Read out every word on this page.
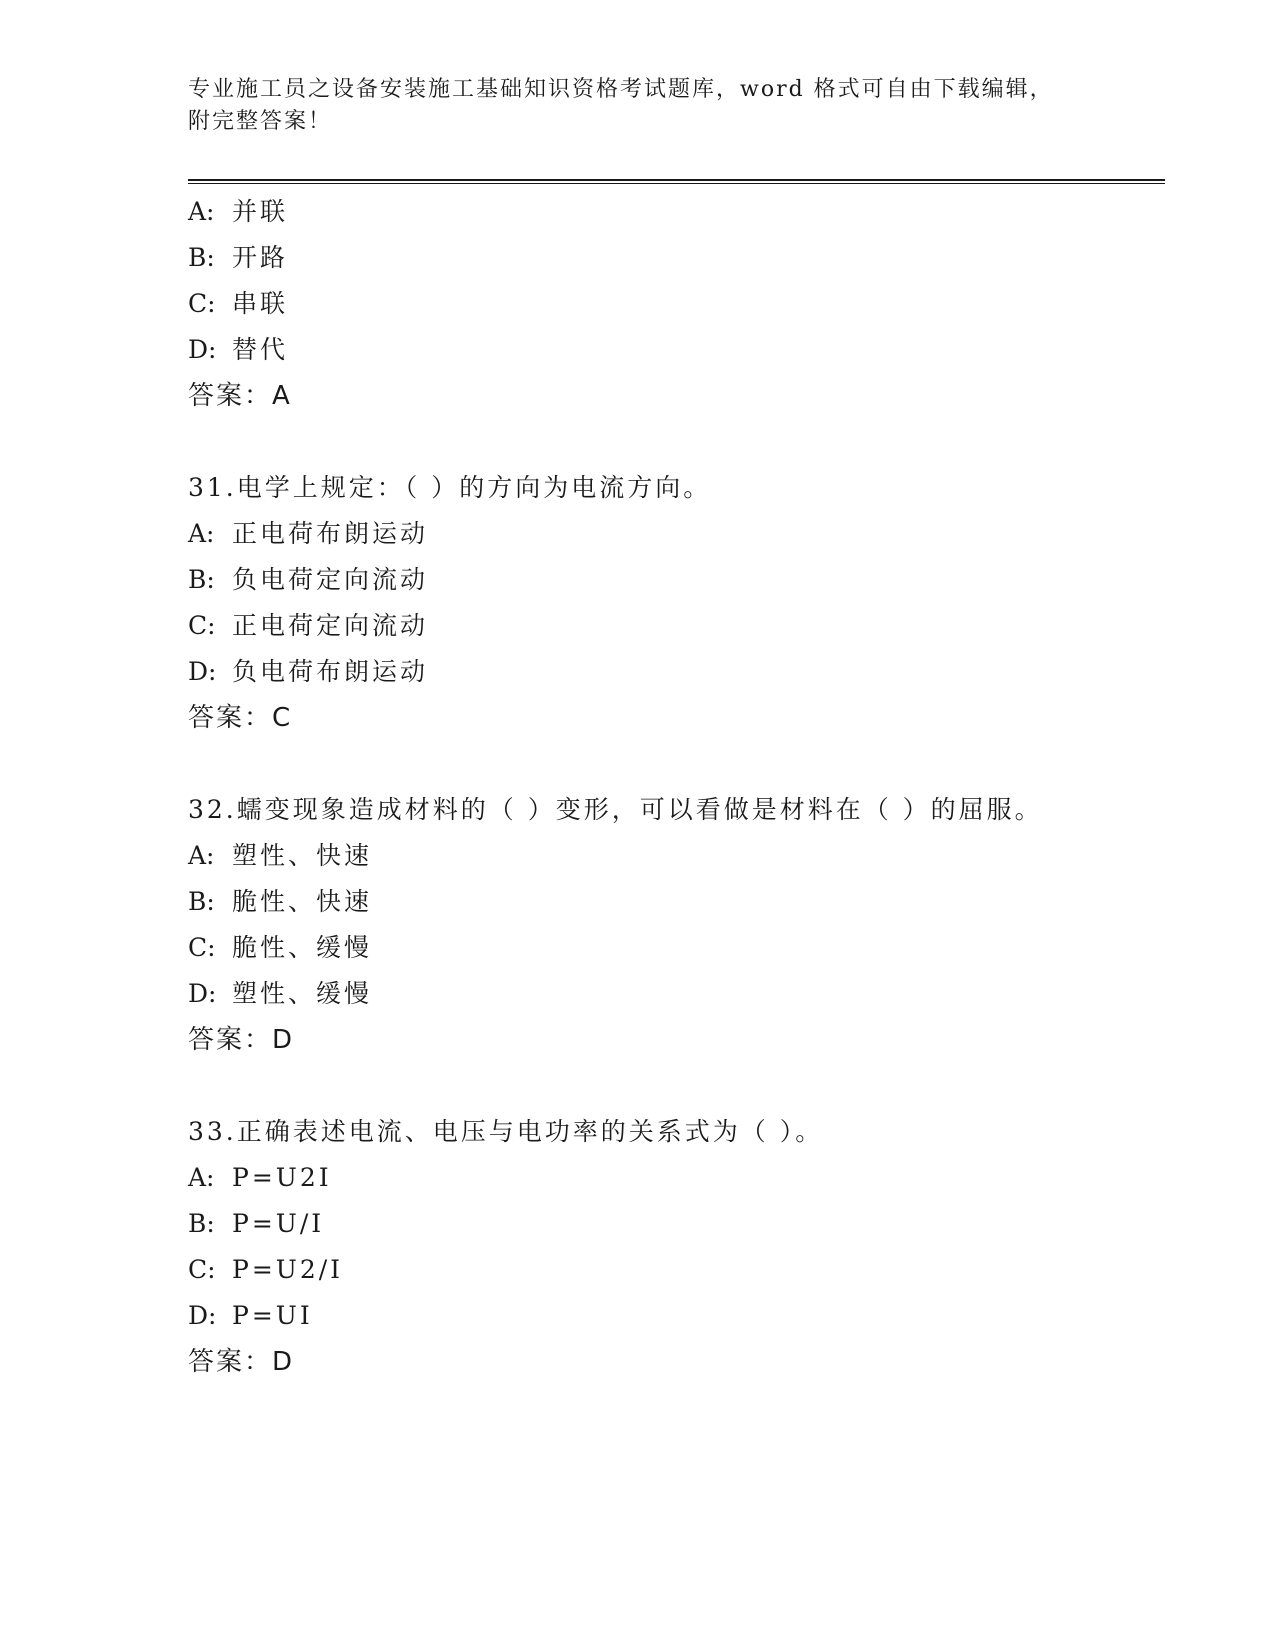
专业施工员之设备安装施工基础知识资格考试题库，word 格式可自由下载编辑，
附完整答案！
A: 并联
B: 开路
C: 串联
D: 替代
答案：A
31.电学上规定：（ ）的方向为电流方向。
A: 正电荷布朗运动
B: 负电荷定向流动
C: 正电荷定向流动
D: 负电荷布朗运动
答案：C
32.蠕变现象造成材料的（ ）变形，可以看做是材料在（ ）的屈服。
A: 塑性、快速
B: 脆性、快速
C: 脆性、缓慢
D: 塑性、缓慢
答案：D
33.正确表述电流、电压与电功率的关系式为（ ）。
A: P=U2I
B: P=U/I
C: P=U2/I
D: P=UI
答案：D
